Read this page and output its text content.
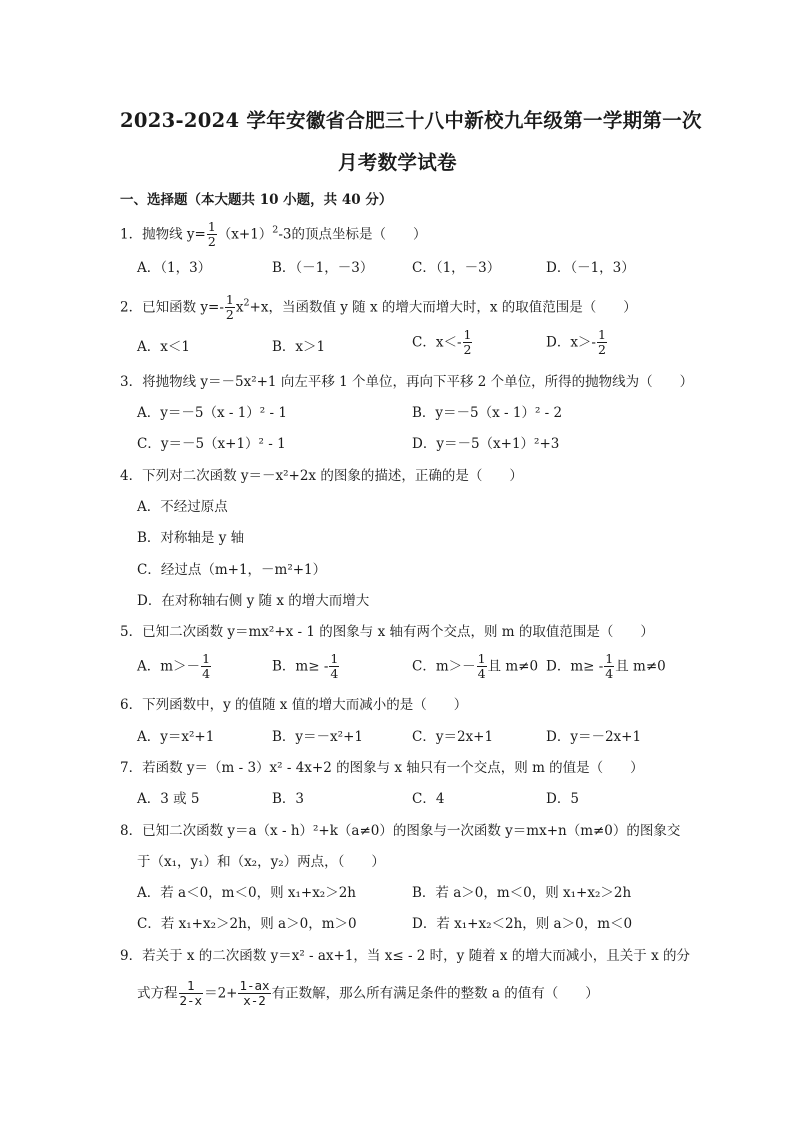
2023-2024 学年安徽省合肥三十八中新校九年级第一学期第一次
月考数学试卷
一、选择题（本大题共 10 小题，共 40 分）
1．抛物线 $y= \frac{1}{2} (x+1)^2-3$的顶点坐标是（　　）
A．（1，3）	B．（－1，－3）	C．（1，－3）	D．（－1，3）
2．已知函数 $y=- \frac{1}{2} x^2+x$，当函数值 y 随 x 的增大而增大时，x 的取值范围是（　　）
A．x＜1	B．x＞1	C．$x<- \frac{1}{2}$	D．$x>- \frac{1}{2}$
3．将抛物线 y＝－5x²+1 向左平移 1 个单位，再向下平移 2 个单位，所得的抛物线为（　　）
A．y＝－5（x - 1）² - 1	B．y＝－5（x - 1）² - 2
C．y＝－5（x+1）² - 1	D．y＝－5（x+1）²+3
4．下列对二次函数 y＝－x²+2x 的图象的描述，正确的是（　　）
A．不经过原点
B．对称轴是 y 轴
C．经过点（m+1，－m²+1）
D．在对称轴右侧 y 随 x 的增大而增大
5．已知二次函数 y＝mx²+x - 1 的图象与 x 轴有两个交点，则 m 的取值范围是（　　）
A．$m>- \frac{1}{4}$	B．$m\ge - \frac{1}{4}$	C．$m>- \frac{1}{4}$ 且 m≠0 D．$m\ge - \frac{1}{4}$ 且 m≠0
6．下列函数中，y 的值随 x 值的增大而减小的是（　　）
A．y＝x²+1	B．y＝－x²+1	C．y＝2x+1	D．y＝－2x+1
7．若函数 y＝（m - 3）x² - 4x+2 的图象与 x 轴只有一个交点，则 m 的值是（　　）
A．3 或 5	B．3	C．4	D．5
8．已知二次函数 y＝a（x - h）²+k（a≠0）的图象与一次函数 y＝mx+n（m≠0）的图象交
于（x₁，y₁）和（x₂，y₂）两点，（　　）
A．若 a＜0，m＜0，则 x₁+x₂＞2h	B．若 a＞0，m＜0，则 x₁+x₂＞2h
C．若 x₁+x₂＞2h，则 a＞0，m＞0	D．若 x₁+x₂＜2h，则 a＞0，m＜0
9．若关于 x 的二次函数 y＝x² - ax+1，当 x≤ - 2 时，y 随着 x 的增大而减小，且关于 x 的分
式方程 $\frac{1}{2-x} =2+ \frac{1-ax}{x-2}$ 有正数解，那么所有满足条件的整数 a 的值有（　　）
